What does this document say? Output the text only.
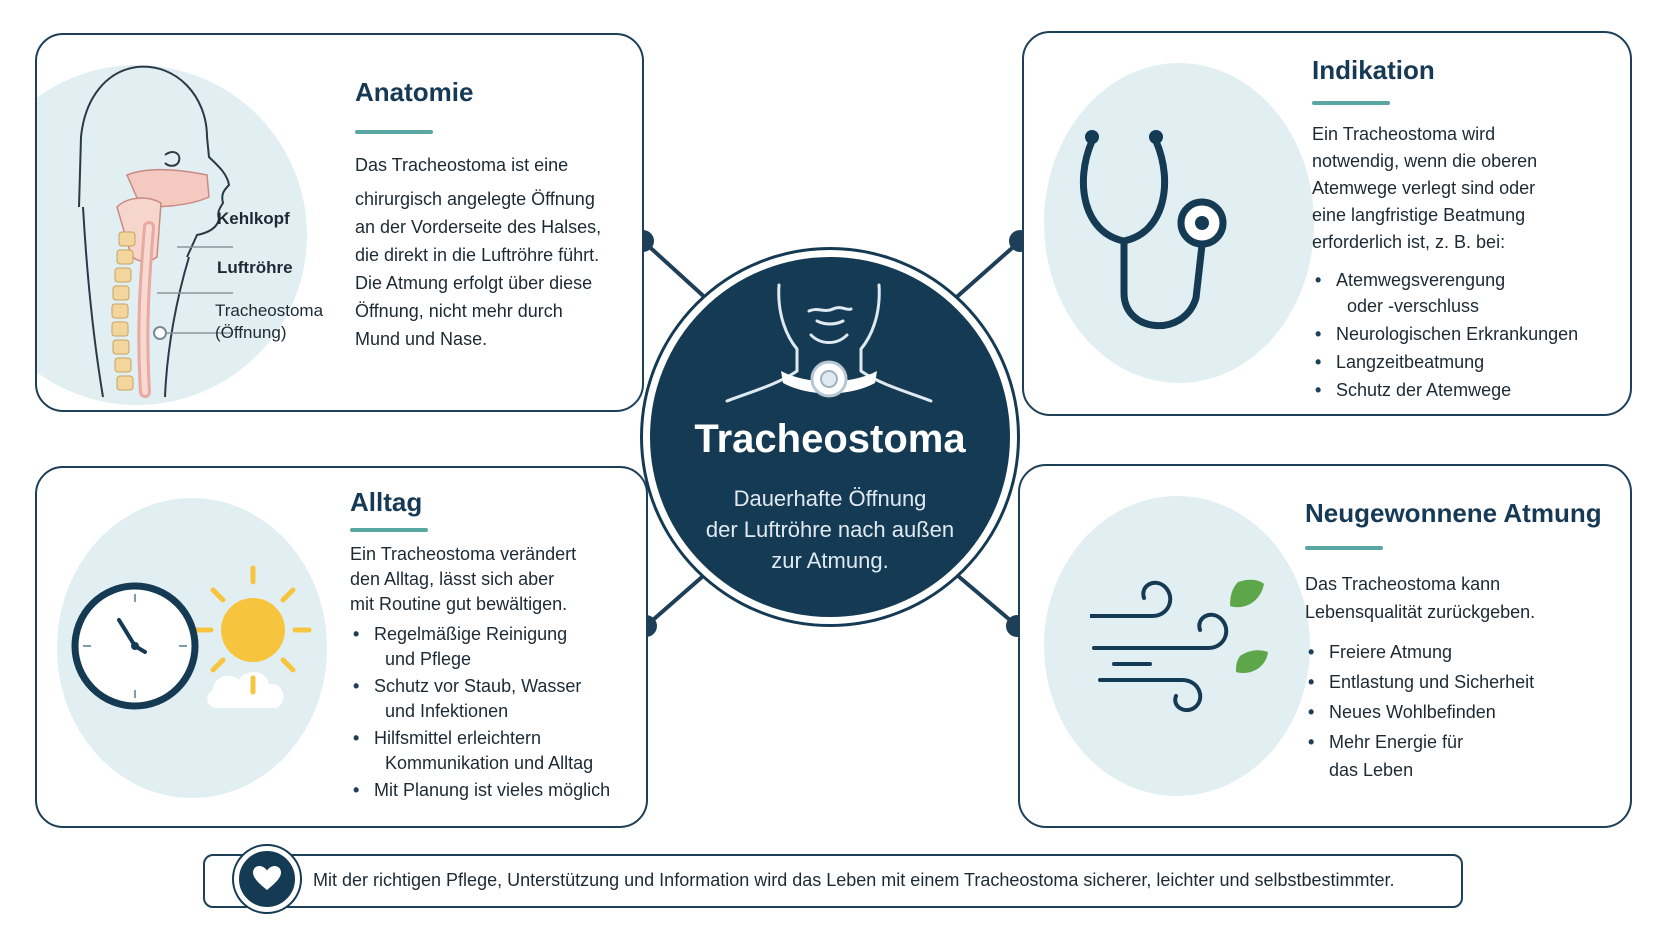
Kehlkopf
Luftröhre
Tracheostoma
(Öffnung)
Anatomie
Das Tracheostoma ist eine
chirurgisch angelegte Öffnung
an der Vorderseite des Halses,
die direkt in die Luftröhre führt.
Die Atmung erfolgt über diese
Öffnung, nicht mehr durch
Mund und Nase.
Indikation
Ein Tracheostoma wird
notwendig, wenn die oberen
Atemwege verlegt sind oder
eine langfristige Beatmung
erforderlich ist, z. B. bei:
• Atemwegsverengung
oder -verschluss
• Neurologischen Erkrankungen
• Langzeitbeatmung
• Schutz der Atemwege
Alltag
Ein Tracheostoma verändert
den Alltag, lässt sich aber
mit Routine gut bewältigen.
• Regelmäßige Reinigung
und Pflege
• Schutz vor Staub, Wasser
und Infektionen
• Hilfsmittel erleichtern
Kommunikation und Alltag
• Mit Planung ist vieles möglich
Neugewonnene Atmung
Das Tracheostoma kann
Lebensqualität zurückgeben.
• Freiere Atmung
• Entlastung und Sicherheit
• Neues Wohlbefinden
• Mehr Energie für
das Leben
Tracheostoma
Dauerhafte Öffnung
der Luftröhre nach außen
zur Atmung.

Mit der richtigen Pflege, Unterstützung und Information wird das Leben mit einem Tracheostoma sicherer, leichter und selbstbestimmter.
